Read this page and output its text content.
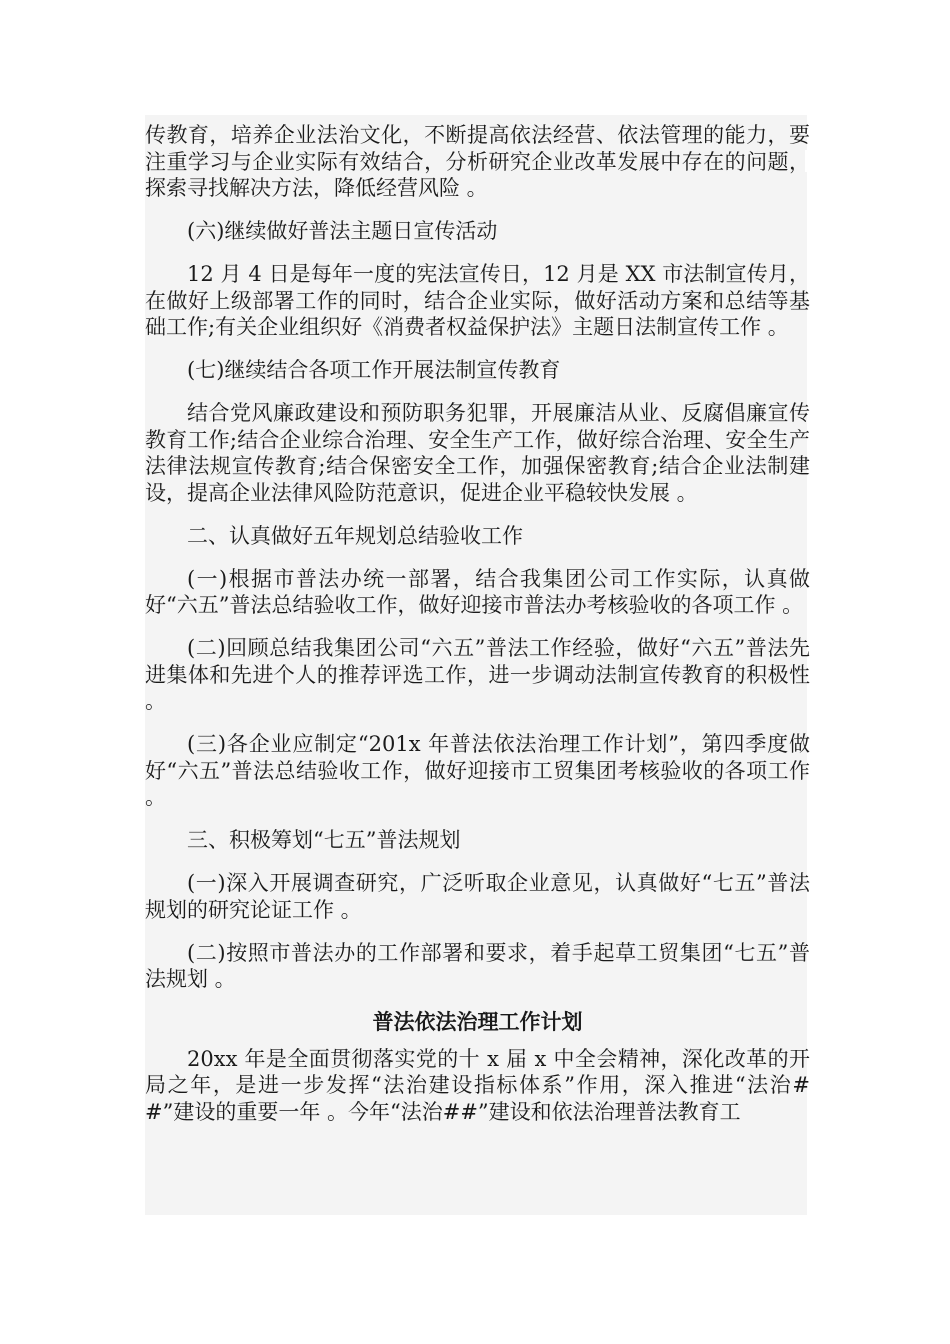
传教育，培养企业法治文化，不断提高依法经营、依法管理的能力，要注重学习与企业实际有效结合，分析研究企业改革发展中存在的问题，探索寻找解决方法，降低经营风险 。

(六)继续做好普法主题日宣传活动

12 月 4 日是每年一度的宪法宣传日，12 月是 XX 市法制宣传月，在做好上级部署工作的同时，结合企业实际，做好活动方案和总结等基础工作;有关企业组织好《消费者权益保护法》主题日法制宣传工作 。

(七)继续结合各项工作开展法制宣传教育

结合党风廉政建设和预防职务犯罪，开展廉洁从业、反腐倡廉宣传教育工作;结合企业综合治理、安全生产工作，做好综合治理、安全生产法律法规宣传教育;结合保密安全工作，加强保密教育;结合企业法制建设，提高企业法律风险防范意识，促进企业平稳较快发展 。

二、认真做好五年规划总结验收工作

(一)根据市普法办统一部署，结合我集团公司工作实际，认真做好“六五”普法总结验收工作，做好迎接市普法办考核验收的各项工作 。

(二)回顾总结我集团公司“六五”普法工作经验，做好“六五”普法先进集体和先进个人的推荐评选工作，进一步调动法制宣传教育的积极性 。

(三)各企业应制定“201x 年普法依法治理工作计划”，第四季度做好“六五”普法总结验收工作，做好迎接市工贸集团考核验收的各项工作 。

三、积极筹划“七五”普法规划

(一)深入开展调查研究，广泛听取企业意见，认真做好“七五”普法规划的研究论证工作 。

(二)按照市普法办的工作部署和要求，着手起草工贸集团“七五”普法规划 。

普法依法治理工作计划

20xx 年是全面贯彻落实党的十 x 届 x 中全会精神，深化改革的开局之年，是进一步发挥“法治建设指标体系”作用，深入推进“法治##”建设的重要一年 。今年“法治##”建设和依法治理普法教育工
